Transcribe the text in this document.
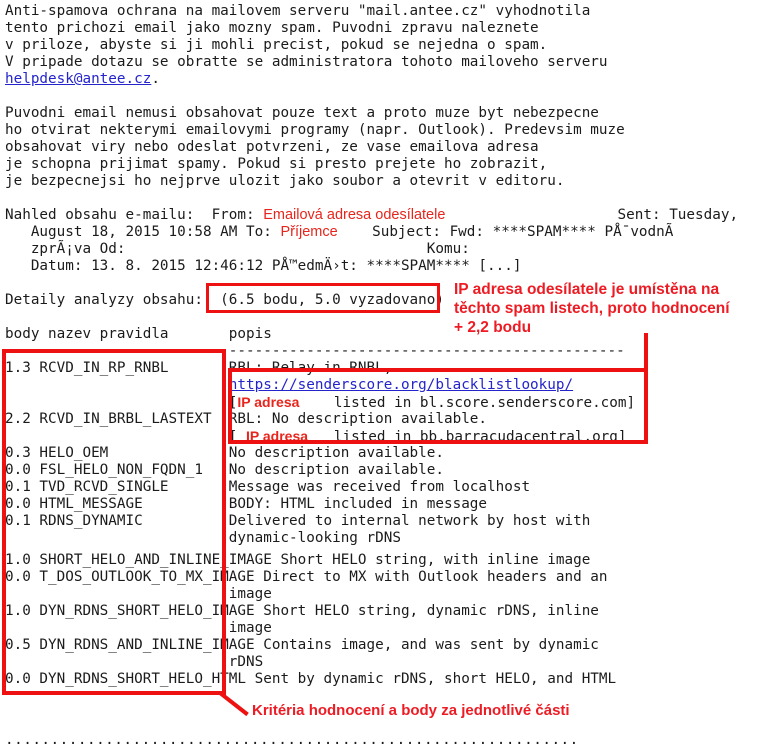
Anti-spamova ochrana na mailovem serveru "mail.antee.cz" vyhodnotila
tento prichozi email jako mozny spam. Puvodni zpravu naleznete
v priloze, abyste si ji mohli precist, pokud se nejedna o spam.
V pripade dotazu se obratte se administratora tohoto mailoveho serveru
helpdesk@antee.cz.

Puvodni email nemusi obsahovat pouze text a proto muze byt nebezpecne
ho otvirat nekterymi emailovymi programy (napr. Outlook). Predevsim muze
obsahovat viry nebo odeslat potvrzeni, ze vase emailova adresa
je schopna prijimat spamy. Pokud si presto prejete ho zobrazit,
je bezpecnejsi ho nejprve ulozit jako soubor a otevrit v editoru.

Nahled obsahu e-mailu:  From: Emailová adresa odesílatele                    Sent: Tuesday,
August 18, 2015 10:58 AM To: Příjemce    Subject: Fwd: ****SPAM**** PÅ¯vodnÃ
zprÃ¡va Od:                                   Komu:
Datum: 13. 8. 2015 12:46:12 PÅ™edmÄ›t: ****SPAM**** [...]

Detaily analyzy obsahu:  (6.5 bodu, 5.0 vyzadovano)

body nazev pravidla       popis
----------------------------------------------
1.3 RCVD_IN_RP_RNBL       RBL: Relay in RNBL,
https://senderscore.org/blacklistlookup/
[IP adresa    listed in bl.score.senderscore.com]
2.2 RCVD_IN_BRBL_LASTEXT  RBL: No description available.
[ IP adresa   listed in bb.barracudacentral.org]
0.3 HELO_OEM              No description available.
0.0 FSL_HELO_NON_FQDN_1   No description available.
0.1 TVD_RCVD_SINGLE       Message was received from localhost
0.0 HTML_MESSAGE          BODY: HTML included in message
0.1 RDNS_DYNAMIC          Delivered to internal network by host with
dynamic-looking rDNS
1.0 SHORT_HELO_AND_INLINE_IMAGE Short HELO string, with inline image
0.0 T_DOS_OUTLOOK_TO_MX_IMAGE Direct to MX with Outlook headers and an
image
1.0 DYN_RDNS_SHORT_HELO_IMAGE Short HELO string, dynamic rDNS, inline
image
0.5 DYN_RDNS_AND_INLINE_IMAGE Contains image, and was sent by dynamic
rDNS
0.0 DYN_RDNS_SHORT_HELO_HTML Sent by dynamic rDNS, short HELO, and HTML
...............................................................
IP adresa odesílatele je umístěna na
těchto spam listech, proto hodnocení
+ 2,2 bodu
Kritéria hodnocení a body za jednotlivé části
